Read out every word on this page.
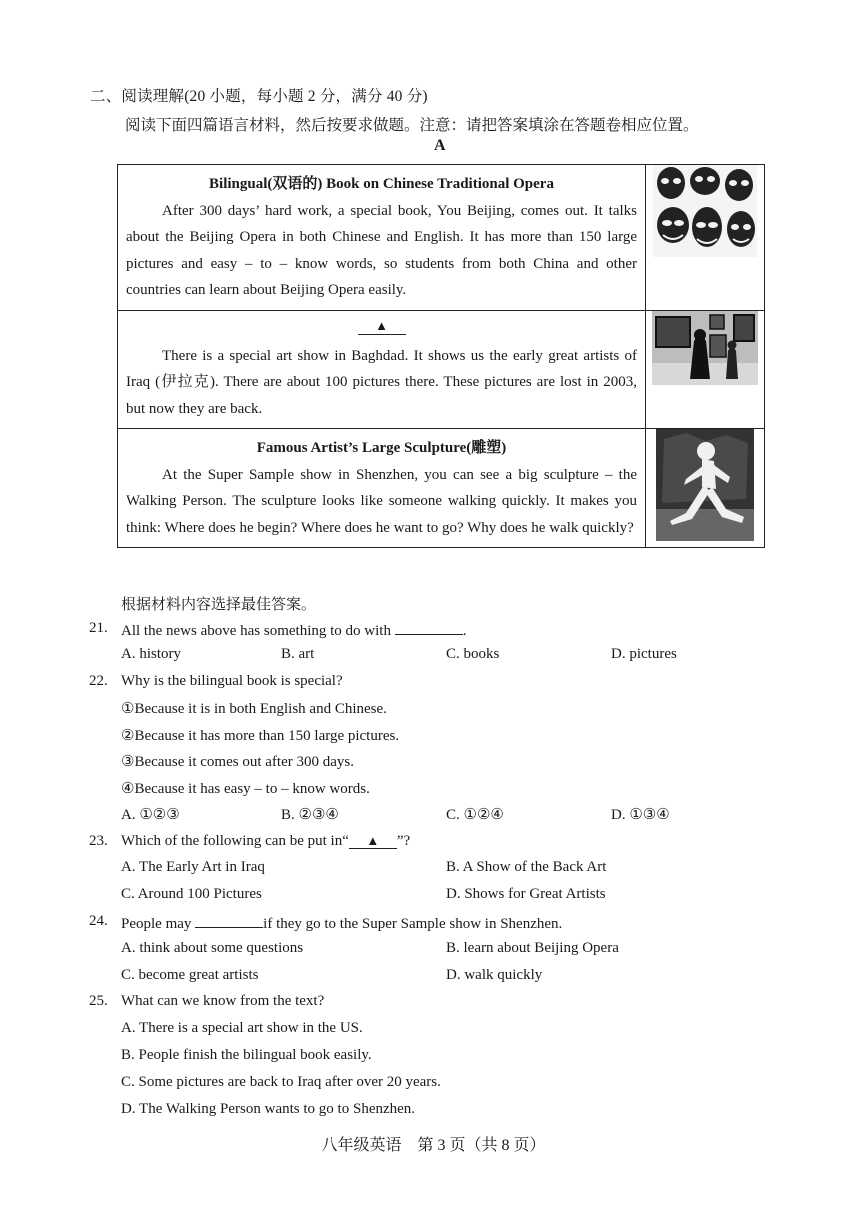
二、阅读理解(20 小题，每小题 2 分，满分 40 分)
阅读下面四篇语言材料，然后按要求做题。注意：请把答案填涂在答题卷相应位置。
A
Bilingual(双语的) Book on Chinese Traditional Opera
After 300 days’ hard work, a special book, You Beijing, comes out. It talks about the Beijing Opera in both Chinese and English. It has more than 150 large pictures and easy – to – know words, so students from both China and other countries can learn about Beijing Opera easily.

▲
There is a special art show in Baghdad. It shows us the early great artists of Iraq (伊拉克). There are about 100 pictures there. These pictures are lost in 2003, but now they are back.

Famous Artist’s Large Sculpture(雕塑)
At the Super Sample show in Shenzhen, you can see a big sculpture – the Walking Person. The sculpture looks like someone walking quickly. It makes you think: Where does he begin? Where does he want to go? Why does he walk quickly?

根据材料内容选择最佳答案。
21. All the news above has something to do with	.
A. history	B. art	C. books	D. pictures
22. Why is the bilingual book is special?
①Because it is in both English and Chinese.
②Because it has more than 150 large pictures.
③Because it comes out after 300 days.
④Because it has easy – to – know words.
A. ①②③	B. ②③④	C. ①②④	D. ①③④
23. Which of the following can be put in“ ▲ ”?
A. The Early Art in Iraq	B. A Show of the Back Art
C. Around 100 Pictures	D. Shows for Great Artists
24. People may	if they go to the Super Sample show in Shenzhen.
A. think about some questions	B. learn about Beijing Opera
C. become great artists	D. walk quickly
25. What can we know from the text?
A. There is a special art show in the US.
B. People finish the bilingual book easily.
C. Some pictures are back to Iraq after over 20 years.
D. The Walking Person wants to go to Shenzhen.
八年级英语　第 3 页（共 8 页）
